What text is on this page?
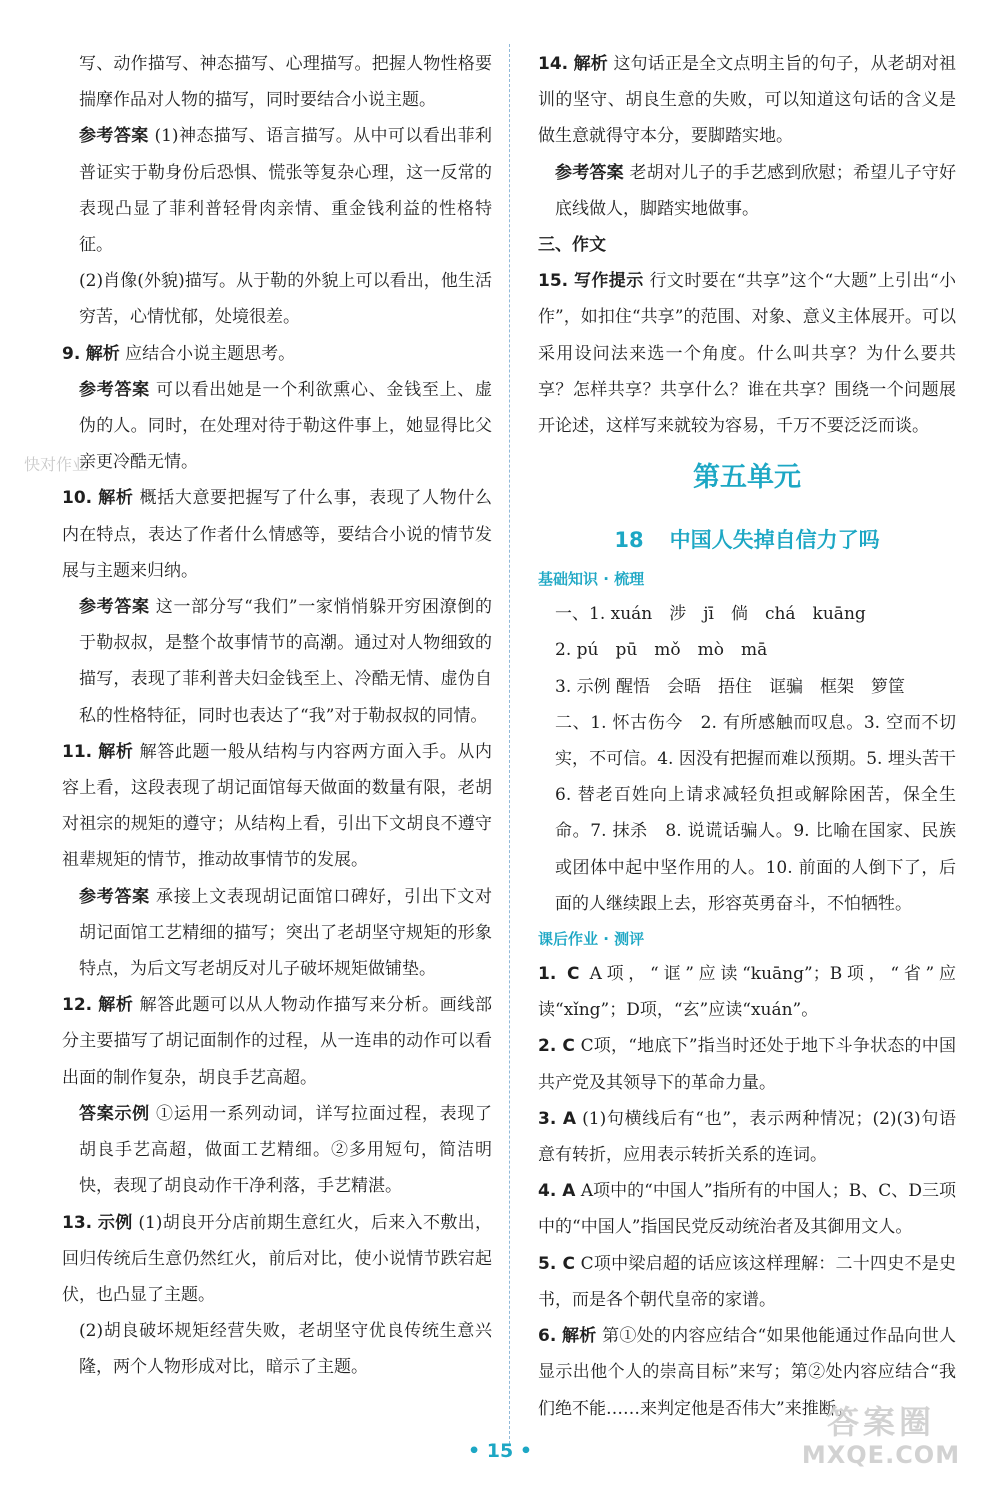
快对作业

写、动作描写、神态描写、心理描写。把握人物性格要揣摩作品对人物的描写，同时要结合小说主题。

参考答案 (1)神态描写、语言描写。从中可以看出菲利普证实于勒身份后恐惧、慌张等复杂心理，这一反常的表现凸显了菲利普轻骨肉亲情、重金钱利益的性格特征。

(2)肖像(外貌)描写。从于勒的外貌上可以看出，他生活穷苦，心情忧郁，处境很差。

9. 解析 应结合小说主题思考。

参考答案 可以看出她是一个利欲熏心、金钱至上、虚伪的人。同时，在处理对待于勒这件事上，她显得比父亲更冷酷无情。

10. 解析 概括大意要把握写了什么事，表现了人物什么内在特点，表达了作者什么情感等，要结合小说的情节发展与主题来归纳。

参考答案 这一部分写“我们”一家悄悄躲开穷困潦倒的于勒叔叔，是整个故事情节的高潮。通过对人物细致的描写，表现了菲利普夫妇金钱至上、冷酷无情、虚伪自私的性格特征，同时也表达了“我”对于勒叔叔的同情。

11. 解析 解答此题一般从结构与内容两方面入手。从内容上看，这段表现了胡记面馆每天做面的数量有限，老胡对祖宗的规矩的遵守；从结构上看，引出下文胡良不遵守祖辈规矩的情节，推动故事情节的发展。

参考答案 承接上文表现胡记面馆口碑好，引出下文对胡记面馆工艺精细的描写；突出了老胡坚守规矩的形象特点，为后文写老胡反对儿子破坏规矩做铺垫。

12. 解析 解答此题可以从人物动作描写来分析。画线部分主要描写了胡记面制作的过程，从一连串的动作可以看出面的制作复杂，胡良手艺高超。

答案示例 ①运用一系列动词，详写拉面过程，表现了胡良手艺高超，做面工艺精细。②多用短句，简洁明快，表现了胡良动作干净利落，手艺精湛。

13. 示例 (1)胡良开分店前期生意红火，后来入不敷出，回归传统后生意仍然红火，前后对比，使小说情节跌宕起伏，也凸显了主题。

(2)胡良破坏规矩经营失败，老胡坚守优良传统生意兴隆，两个人物形成对比，暗示了主题。

14. 解析 这句话正是全文点明主旨的句子，从老胡对祖训的坚守、胡良生意的失败，可以知道这句话的含义是做生意就得守本分，要脚踏实地。

参考答案 老胡对儿子的手艺感到欣慰；希望儿子守好底线做人，脚踏实地做事。

三、作文

15. 写作提示 行文时要在“共享”这个“大题”上引出“小作”，如扣住“共享”的范围、对象、意义主体展开。可以采用设问法来选一个角度。什么叫共享？为什么要共享？怎样共享？共享什么？谁在共享？围绕一个问题展开论述，这样写来就较为容易，千万不要泛泛而谈。

第五单元
18 中国人失掉自信力了吗
基础知识 · 梳理

一、1. xuán　涉　jī　倘　chá　kuāng

2. pú　pū　mǒ　mò　mā

3. 示例 醒悟　会晤　捂住　诓骗　框架　箩筐

二、1. 怀古伤今　2. 有所感触而叹息。3. 空而不切实，不可信。4. 因没有把握而难以预期。5. 埋头苦干　6. 替老百姓向上请求减轻负担或解除困苦，保全生命。7. 抹杀　8. 说谎话骗人。9. 比喻在国家、民族或团体中起中坚作用的人。10. 前面的人倒下了，后面的人继续跟上去，形容英勇奋斗，不怕牺牲。

课后作业 · 测评

1. C A项，“诓”应读“kuāng”；B项，“省”应读“xǐng”；D项，“玄”应读“xuán”。

2. C C项，“地底下”指当时还处于地下斗争状态的中国共产党及其领导下的革命力量。

3. A (1)句横线后有“也”，表示两种情况；(2)(3)句语意有转折，应用表示转折关系的连词。

4. A A项中的“中国人”指所有的中国人；B、C、D三项中的“中国人”指国民党反动统治者及其御用文人。

5. C C项中梁启超的话应该这样理解：二十四史不是史书，而是各个朝代皇帝的家谱。

6. 解析 第①处的内容应结合“如果他能通过作品向世人显示出他个人的崇高目标”来写；第②处内容应结合“我们绝不能……来判定他是否伟大”来推断。

• 15 •
答案圈
MXQE.COM
